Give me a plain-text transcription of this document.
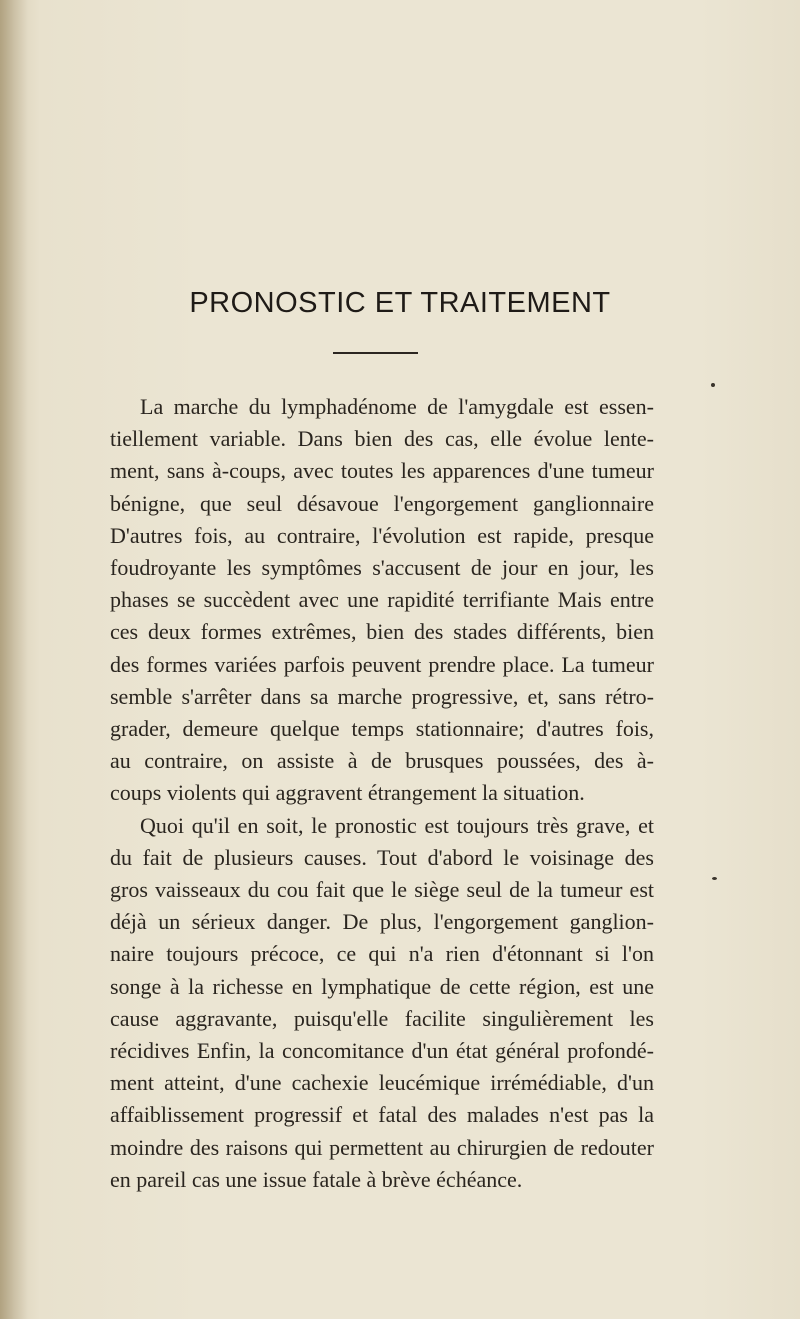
PRONOSTIC ET TRAITEMENT

La marche du lymphadénome de l'amygdale est essen-
tiellement variable. Dans bien des cas, elle évolue lente-
ment, sans à-coups, avec toutes les apparences d'une tumeur
bénigne, que seul désavoue l'engorgement ganglionnaire
D'autres fois, au contraire, l'évolution est rapide, presque
foudroyante les symptômes s'accusent de jour en jour, les
phases se succèdent avec une rapidité terrifiante Mais entre
ces deux formes extrêmes, bien des stades différents, bien
des formes variées parfois peuvent prendre place. La tumeur
semble s'arrêter dans sa marche progressive, et, sans rétro-
grader, demeure quelque temps stationnaire; d'autres fois,
au contraire, on assiste à de brusques poussées, des à-
coups violents qui aggravent étrangement la situation.

Quoi qu'il en soit, le pronostic est toujours très grave, et
du fait de plusieurs causes. Tout d'abord le voisinage des
gros vaisseaux du cou fait que le siège seul de la tumeur est
déjà un sérieux danger. De plus, l'engorgement ganglion-
naire toujours précoce, ce qui n'a rien d'étonnant si l'on
songe à la richesse en lymphatique de cette région, est une
cause aggravante, puisqu'elle facilite singulièrement les
récidives Enfin, la concomitance d'un état général profondé-
ment atteint, d'une cachexie leucémique irrémédiable, d'un
affaiblissement progressif et fatal des malades n'est pas la
moindre des raisons qui permettent au chirurgien de redouter
en pareil cas une issue fatale à brève échéance.
